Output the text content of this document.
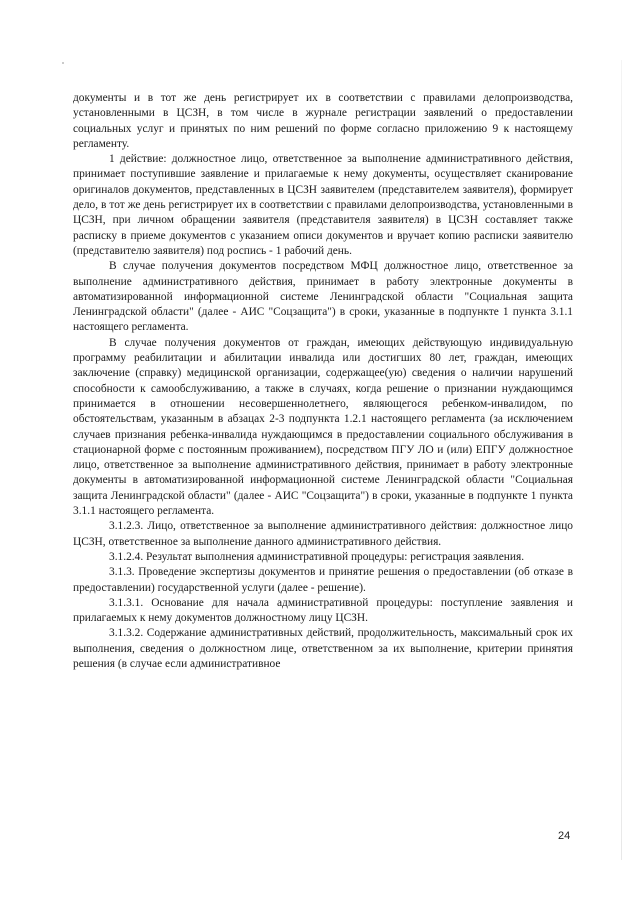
документы и в тот же день регистрирует их в соответствии с правилами делопроизводства, установленными в ЦСЗН, в том числе в журнале регистрации заявлений о предоставлении социальных услуг и принятых по ним решений по форме согласно приложению 9 к настоящему регламенту.

1 действие: должностное лицо, ответственное за выполнение административного действия, принимает поступившие заявление и прилагаемые к нему документы, осуществляет сканирование оригиналов документов, представленных в ЦСЗН заявителем (представителем заявителя), формирует дело, в тот же день регистрирует их в соответствии с правилами делопроизводства, установленными в ЦСЗН, при личном обращении заявителя (представителя заявителя) в ЦСЗН составляет также расписку в приеме документов с указанием описи документов и вручает копию расписки заявителю (представителю заявителя) под роспись - 1 рабочий день.

В случае получения документов посредством МФЦ должностное лицо, ответственное за выполнение административного действия, принимает в работу электронные документы в автоматизированной информационной системе Ленинградской области "Социальная защита Ленинградской области" (далее - АИС "Соцзащита") в сроки, указанные в подпункте 1 пункта 3.1.1 настоящего регламента.

В случае получения документов от граждан, имеющих действующую индивидуальную программу реабилитации и абилитации инвалида или достигших 80 лет, граждан, имеющих заключение (справку) медицинской организации, содержащее(ую) сведения о наличии нарушений способности к самообслуживанию, а также в случаях, когда решение о признании нуждающимся принимается в отношении несовершеннолетнего, являющегося ребенком-инвалидом, по обстоятельствам, указанным в абзацах 2-3 подпункта 1.2.1 настоящего регламента (за исключением случаев признания ребенка-инвалида нуждающимся в предоставлении социального обслуживания в стационарной форме с постоянным проживанием), посредством ПГУ ЛО и (или) ЕПГУ должностное лицо, ответственное за выполнение административного действия, принимает в работу электронные документы в автоматизированной информационной системе Ленинградской области "Социальная защита Ленинградской области" (далее - АИС "Соцзащита") в сроки, указанные в подпункте 1 пункта 3.1.1 настоящего регламента.

3.1.2.3. Лицо, ответственное за выполнение административного действия: должностное лицо ЦСЗН, ответственное за выполнение данного административного действия.

3.1.2.4. Результат выполнения административной процедуры: регистрация заявления.

3.1.3. Проведение экспертизы документов и принятие решения о предоставлении (об отказе в предоставлении) государственной услуги (далее - решение).

3.1.3.1. Основание для начала административной процедуры: поступление заявления и прилагаемых к нему документов должностному лицу ЦСЗН.

3.1.3.2. Содержание административных действий, продолжительность, максимальный срок их выполнения, сведения о должностном лице, ответственном за их выполнение, критерии принятия решения (в случае если административное

24
